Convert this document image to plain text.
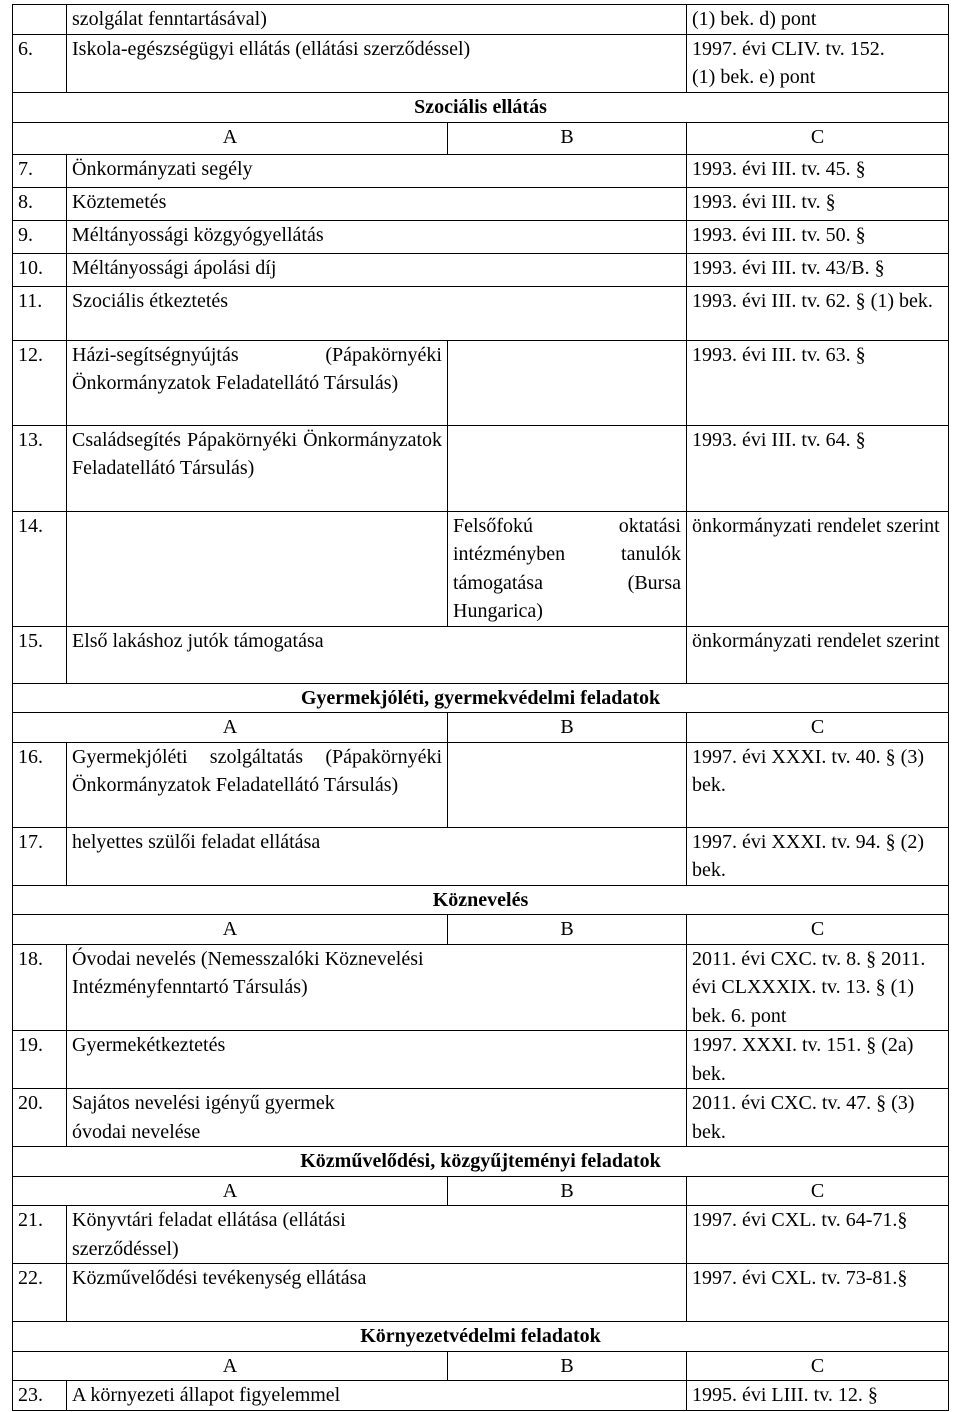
	szolgálat fenntartásával)		(1) bek. d) pont
6.	Iskola-egészségügyi ellátás (ellátási szerződéssel)		1997. évi CLIV. tv. 152.
(1) bek. e) pont

Szociális ellátás			
A		B	C
7.	Önkormányzati segély		1993. évi III. tv. 45. §
8.	Köztemetés		1993. évi III. tv. §
9.	Méltányossági közgyógyellátás		1993. évi III. tv. 50. §
10.	Méltányossági ápolási díj		1993. évi III. tv. 43/B. §
11.	Szociális étkeztetés		1993. évi III. tv. 62. § (1) bek.
12.	Házi-segítségnyújtás (Pápakörnyéki Önkormányzatok Feladatellátó Társulás)		1993. évi III. tv. 63. §
13.	Családsegítés Pápakörnyéki Önkormányzatok Feladatellátó Társulás)		1993. évi III. tv. 64. §
14.		Felsőfokú oktatási intézményben tanulók támogatása (Bursa Hungarica)	önkormányzati rendelet szerint
15.	Első lakáshoz jutók támogatása		önkormányzati rendelet szerint
Gyermekjóléti, gyermekvédelmi feladatok			
A		B	C
16.	Gyermekjóléti szolgáltatás (Pápakörnyéki Önkormányzatok Feladatellátó Társulás)		1997. évi XXXI. tv. 40. § (3) bek.
17.	helyettes szülői feladat ellátása		1997. évi XXXI. tv. 94. § (2) bek.
Köznevelés			
A		B	C
18.	Óvodai nevelés (Nemesszalóki Köznevelési Intézményfenntartó Társulás)		2011. évi CXC. tv. 8. § 2011. évi CLXXXIX. tv. 13. § (1) bek. 6. pont
19.	Gyermekétkeztetés		1997. XXXI. tv. 151. § (2a) bek.
20.	Sajátos nevelési igényű gyermek óvodai nevelése		2011. évi CXC. tv. 47. § (3) bek.
Közművelődési, közgyűjteményi feladatok			
A		B	C
21.	Könyvtári feladat ellátása (ellátási szerződéssel)		1997. évi CXL. tv. 64-71.§
22.	Közművelődési tevékenység ellátása		1997. évi CXL. tv. 73-81.§
Környezetvédelmi feladatok			
A		B	C
23.	A környezeti állapot figyelemmel		1995. évi LIII. tv. 12. §
